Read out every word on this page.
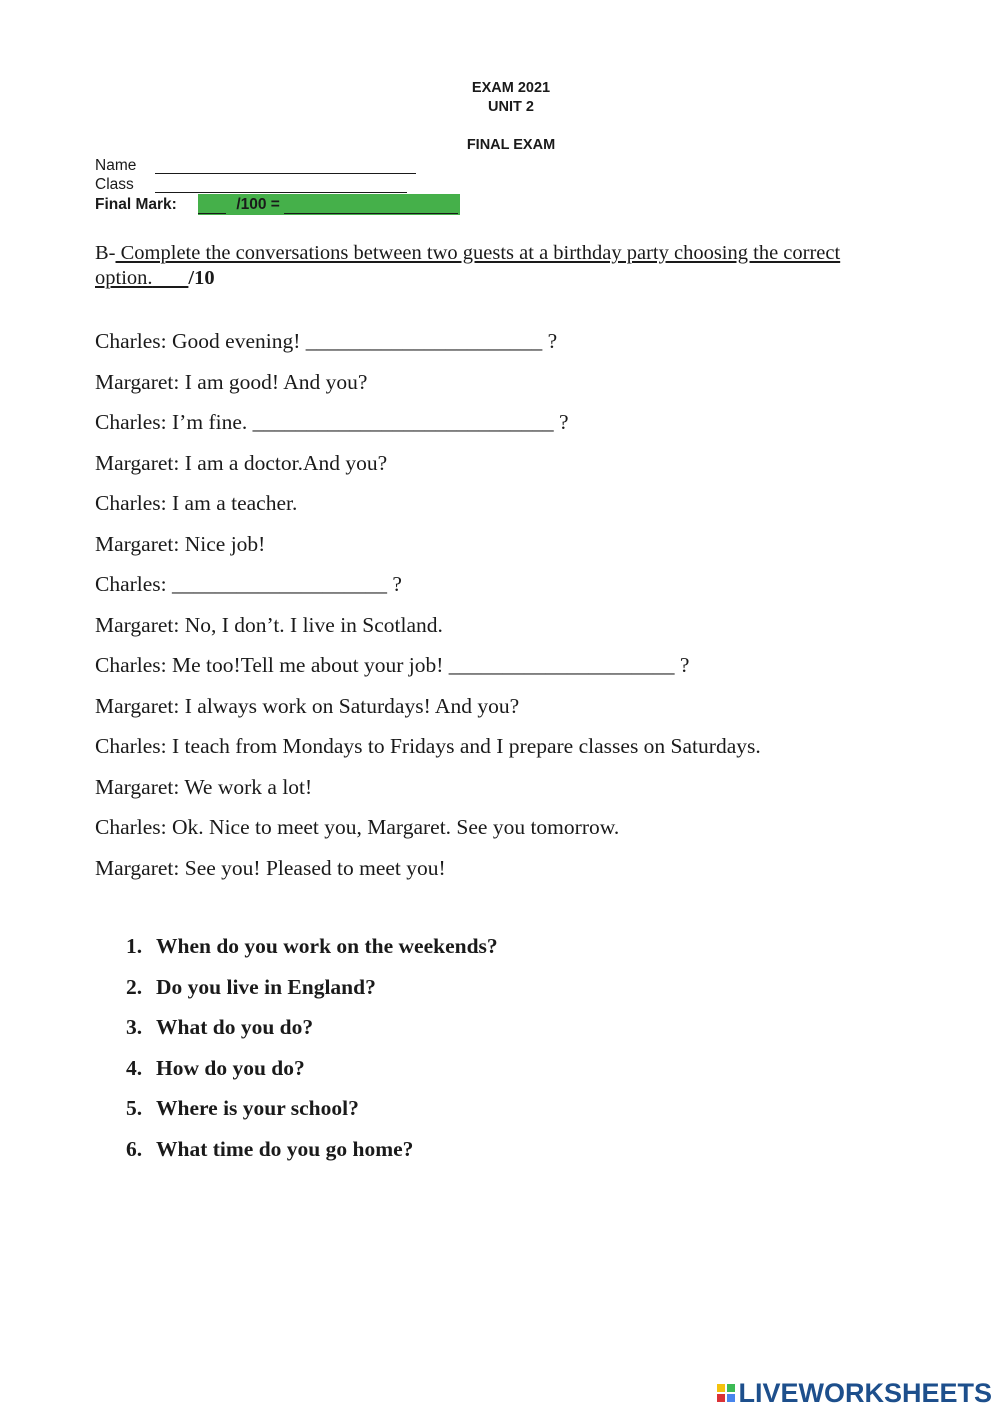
EXAM 2021
UNIT 2
FINAL EXAM
Name
Class
Final Mark:	/100 =
B- Complete the conversations between two guests at a birthday party choosing the correct option. /10
Charles: Good evening! ______________________ ?
Margaret: I am good! And you?
Charles: I’m fine. ____________________________ ?
Margaret: I am a doctor.And you?
Charles: I am a teacher.
Margaret: Nice job!
Charles: ____________________ ?
Margaret: No, I don’t. I live in Scotland.
Charles: Me too!Tell me about your job! _____________________ ?
Margaret: I always work on Saturdays! And you?
Charles: I teach from Mondays to Fridays and I prepare classes on Saturdays.
Margaret: We work a lot!
Charles: Ok. Nice to meet you, Margaret. See you tomorrow.
Margaret: See you! Pleased to meet you!
1. When do you work on the weekends?
2. Do you live in England?
3. What do you do?
4. How do you do?
5. Where is your school?
6. What time do you go home?
LIVEWORKSHEETS
